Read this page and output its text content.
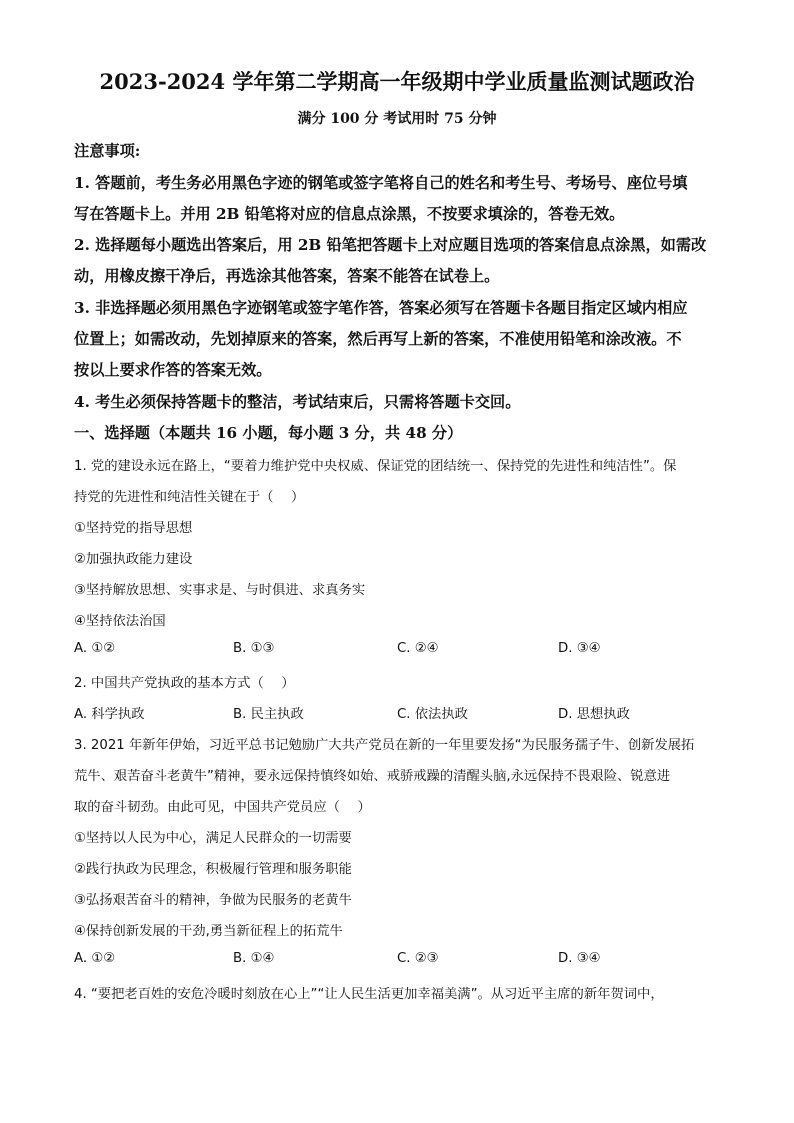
2023-2024 学年第二学期高一年级期中学业质量监测试题政治
满分 100 分 考试用时 75 分钟
注意事项:
1. 答题前，考生务必用黑色字迹的钢笔或签字笔将自己的姓名和考生号、考场号、座位号填
写在答题卡上。并用 2B 铅笔将对应的信息点涂黑，不按要求填涂的，答卷无效。
2. 选择题每小题选出答案后，用 2B 铅笔把答题卡上对应题目选项的答案信息点涂黑，如需改
动，用橡皮擦干净后，再选涂其他答案，答案不能答在试卷上。
3. 非选择题必须用黑色字迹钢笔或签字笔作答，答案必须写在答题卡各题目指定区域内相应
位置上；如需改动，先划掉原来的答案，然后再写上新的答案，不准使用铅笔和涂改液。不
按以上要求作答的答案无效。
4. 考生必须保持答题卡的整洁，考试结束后，只需将答题卡交回。
一、选择题（本题共 16 小题，每小题 3 分，共 48 分）
1. 党的建设永远在路上，“要着力维护党中央权威、保证党的团结统一、保持党的先进性和纯洁性”。保
持党的先进性和纯洁性关键在于（　 ）
①坚持党的指导思想
②加强执政能力建设
③坚持解放思想、实事求是、与时俱进、求真务实
④坚持依法治国
A. ①②	B. ①③	C. ②④	D. ③④
2. 中国共产党执政的基本方式（　 ）
A. 科学执政	B. 民主执政	C. 依法执政	D. 思想执政
3. 2021 年新年伊始，习近平总书记勉励广大共产党员在新的一年里要发扬“为民服务孺子牛、创新发展拓
荒牛、艰苦奋斗老黄牛”精神，要永远保持慎终如始、戒骄戒躁的清醒头脑,永远保持不畏艰险、锐意进
取的奋斗韧劲。由此可见，中国共产党员应（　 ）
①坚持以人民为中心，满足人民群众的一切需要
②践行执政为民理念，积极履行管理和服务职能
③弘扬艰苦奋斗的精神，争做为民服务的老黄牛
④保持创新发展的干劲,勇当新征程上的拓荒牛
A. ①②	B. ①④	C. ②③	D. ③④
4. “要把老百姓的安危冷暖时刻放在心上”“让人民生活更加幸福美满”。从习近平主席的新年贺词中，
